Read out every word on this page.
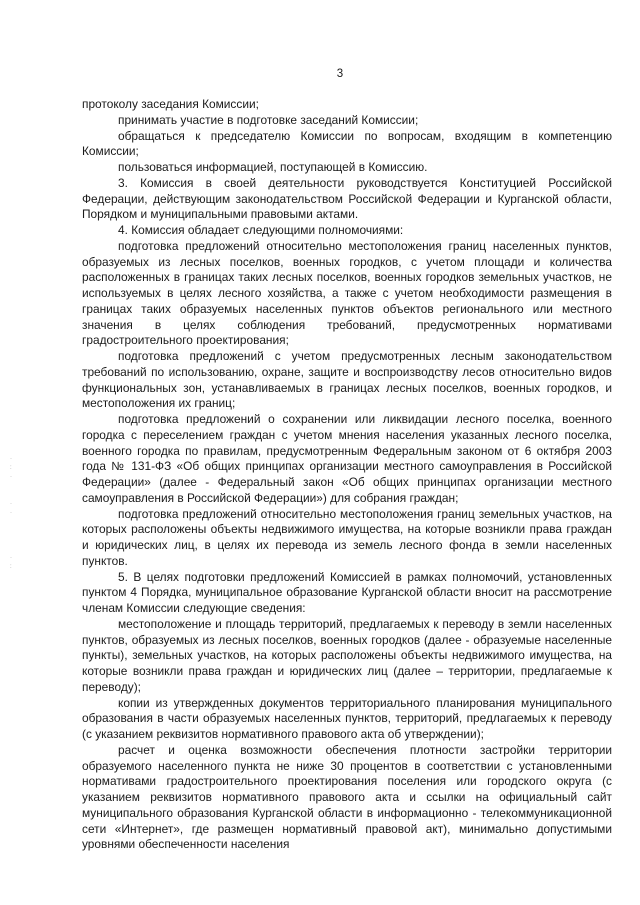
3
·
:
·

·
·

·
:

протоколу заседания Комиссии;

принимать участие в подготовке заседаний Комиссии;

обращаться к председателю Комиссии по вопросам, входящим в компетенцию Комиссии;

пользоваться информацией, поступающей в Комиссию.

3. Комиссия в своей деятельности руководствуется Конституцией Российской Федерации, действующим законодательством Российской Федерации и Курганской области, Порядком и муниципальными правовыми актами.

4. Комиссия обладает следующими полномочиями:

подготовка предложений относительно местоположения границ населенных пунктов, образуемых из лесных поселков, военных городков, с учетом площади и количества расположенных в границах таких лесных поселков, военных городков земельных участков, не используемых в целях лесного хозяйства, а также с учетом необходимости размещения в границах таких образуемых населенных пунктов объектов регионального или местного значения в целях соблюдения требований, предусмотренных нормативами градостроительного проектирования;

подготовка предложений с учетом предусмотренных лесным законодательством требований по использованию, охране, защите и воспроизводству лесов относительно видов функциональных зон, устанавливаемых в границах лесных поселков, военных городков, и местоположения их границ;

подготовка предложений о сохранении или ликвидации лесного поселка, военного городка с переселением граждан с учетом мнения населения указанных лесного поселка, военного городка по правилам, предусмотренным Федеральным законом от 6 октября 2003 года № 131-ФЗ «Об общих принципах организации местного самоуправления в Российской Федерации» (далее - Федеральный закон «Об общих принципах организации местного самоуправления в Российской Федерации») для собрания граждан;

подготовка предложений относительно местоположения границ земельных участков, на которых расположены объекты недвижимого имущества, на которые возникли права граждан и юридических лиц, в целях их перевода из земель лесного фонда в земли населенных пунктов.

5. В целях подготовки предложений Комиссией в рамках полномочий, установленных пунктом 4 Порядка, муниципальное образование Курганской области вносит на рассмотрение членам Комиссии следующие сведения:

местоположение и площадь территорий, предлагаемых к переводу в земли населенных пунктов, образуемых из лесных поселков, военных городков (далее - образуемые населенные пункты), земельных участков, на которых расположены объекты недвижимого имущества, на которые возникли права граждан и юридических лиц (далее – территории, предлагаемые к переводу);

копии из утвержденных документов территориального планирования муниципального образования в части образуемых населенных пунктов, территорий, предлагаемых к переводу (с указанием реквизитов нормативного правового акта об утверждении);

расчет и оценка возможности обеспечения плотности застройки территории образуемого населенного пункта не ниже 30 процентов в соответствии с установленными нормативами градостроительного проектирования поселения или городского округа (с указанием реквизитов нормативного правового акта и ссылки на официальный сайт муниципального образования Курганской области в информационно - телекоммуникационной сети «Интернет», где размещен нормативный правовой акт), минимально допустимыми уровнями обеспеченности населения
